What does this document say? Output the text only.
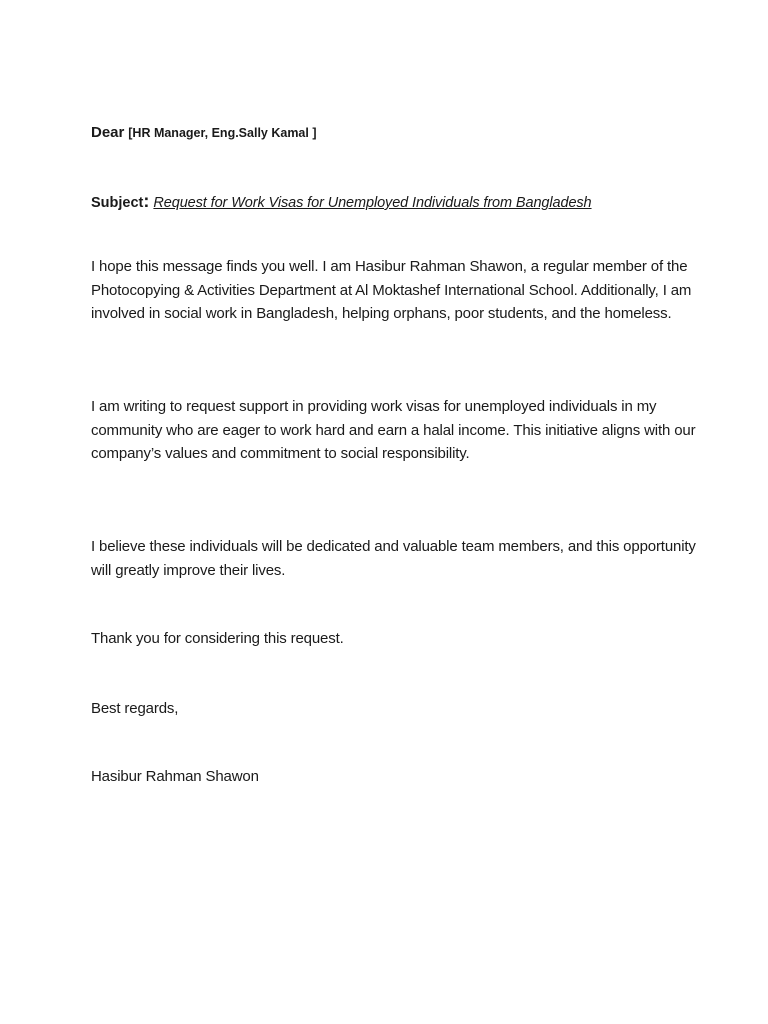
Dear [HR Manager, Eng.Sally Kamal ]

Subject: Request for Work Visas for Unemployed Individuals from Bangladesh

I hope this message finds you well. I am Hasibur Rahman Shawon, a regular member of the Photocopying & Activities Department at Al Moktashef International School. Additionally, I am involved in social work in Bangladesh, helping orphans, poor students, and the homeless.

I am writing to request support in providing work visas for unemployed individuals in my community who are eager to work hard and earn a halal income. This initiative aligns with our company’s values and commitment to social responsibility.

I believe these individuals will be dedicated and valuable team members, and this opportunity will greatly improve their lives.

Thank you for considering this request.

Best regards,

Hasibur Rahman Shawon
